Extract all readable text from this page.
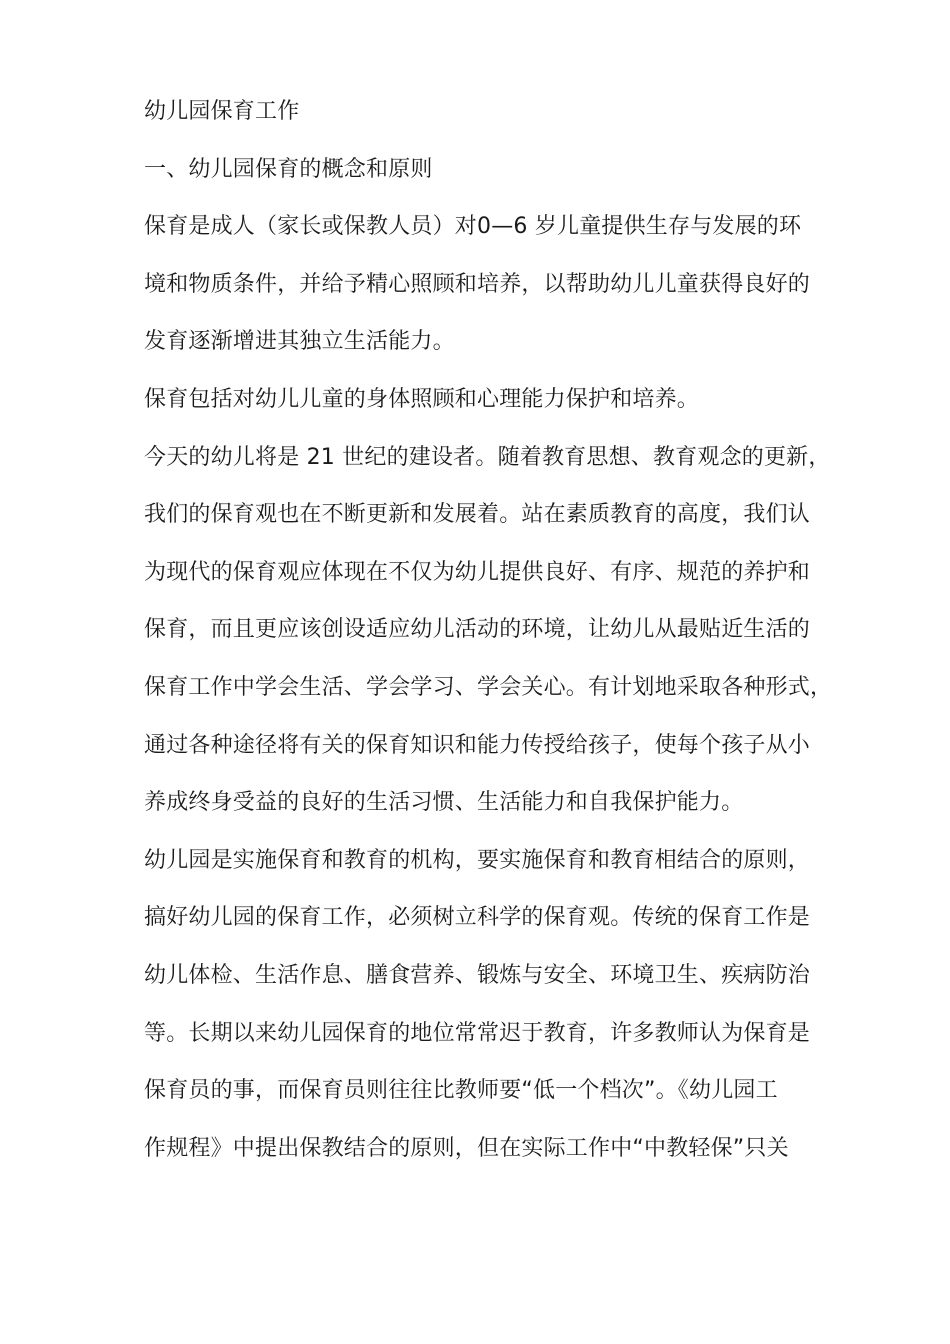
幼儿园保育工作
一、幼儿园保育的概念和原则
保育是成人（家长或保教人员）对0—6 岁儿童提供生存与发展的环
境和物质条件，并给予精心照顾和培养，以帮助幼儿儿童获得良好的
发育逐渐增进其独立生活能力。
保育包括对幼儿儿童的身体照顾和心理能力保护和培养。
今天的幼儿将是 21 世纪的建设者。随着教育思想、教育观念的更新，
我们的保育观也在不断更新和发展着。站在素质教育的高度，我们认
为现代的保育观应体现在不仅为幼儿提供良好、有序、规范的养护和
保育，而且更应该创设适应幼儿活动的环境，让幼儿从最贴近生活的
保育工作中学会生活、学会学习、学会关心。有计划地采取各种形式，
通过各种途径将有关的保育知识和能力传授给孩子，使每个孩子从小
养成终身受益的良好的生活习惯、生活能力和自我保护能力。
幼儿园是实施保育和教育的机构，要实施保育和教育相结合的原则，
搞好幼儿园的保育工作，必须树立科学的保育观。传统的保育工作是
幼儿体检、生活作息、膳食营养、锻炼与安全、环境卫生、疾病防治
等。长期以来幼儿园保育的地位常常迟于教育，许多教师认为保育是
保育员的事，而保育员则往往比教师要“低一个档次”。《幼儿园工
作规程》中提出保教结合的原则，但在实际工作中“中教轻保”只关
